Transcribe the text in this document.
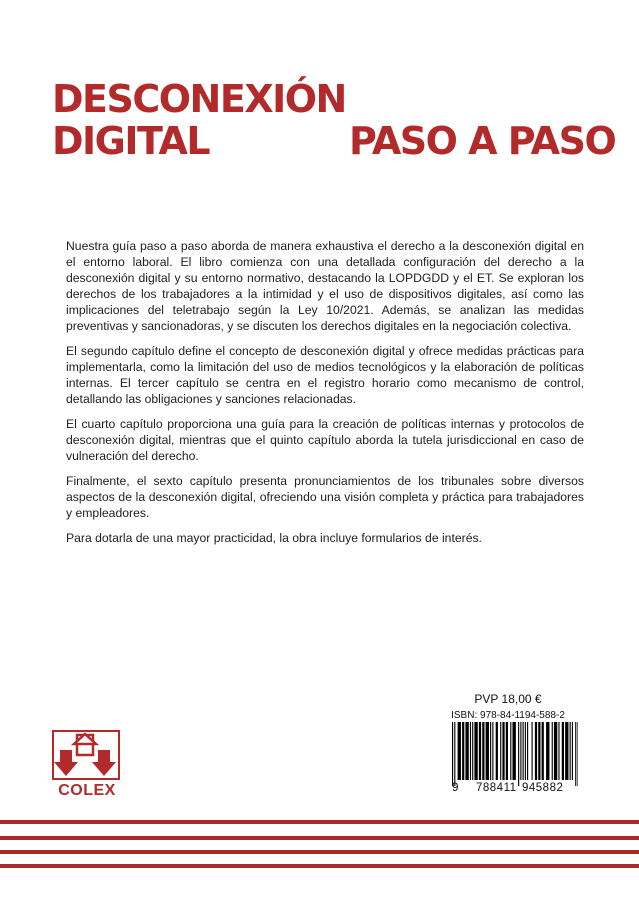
DESCONEXIÓN
DIGITAL	PASO A PASO

Nuestra guía paso a paso aborda de manera exhaustiva el derecho a la desconexión digital en el entorno laboral. El libro comienza con una detallada configuración del derecho a la desconexión digital y su entorno normativo, destacando la LOPDGDD y el ET. Se exploran los derechos de los trabajadores a la intimidad y el uso de dispositivos digitales, así como las implicaciones del teletrabajo según la Ley 10/2021. Además, se analizan las medidas preventivas y sancionadoras, y se discuten los derechos digitales en la negociación colectiva.

El segundo capítulo define el concepto de desconexión digital y ofrece medidas prácticas para implementarla, como la limitación del uso de medios tecnológicos y la elaboración de políticas internas. El tercer capítulo se centra en el registro horario como mecanismo de control, detallando las obligaciones y sanciones relacionadas.

El cuarto capítulo proporciona una guía para la creación de políticas internas y protocolos de desconexión digital, mientras que el quinto capítulo aborda la tutela jurisdiccional en caso de vulneración del derecho.

Finalmente, el sexto capítulo presenta pronunciamientos de los tribunales sobre diversos aspectos de la desconexión digital, ofreciendo una visión completa y práctica para trabajadores y empleadores.

Para dotarla de una mayor practicidad, la obra incluye formularios de interés.

COLEX
PVP 18,00 €
ISBN: 978-84-1194-588-2
9 788411 945882
